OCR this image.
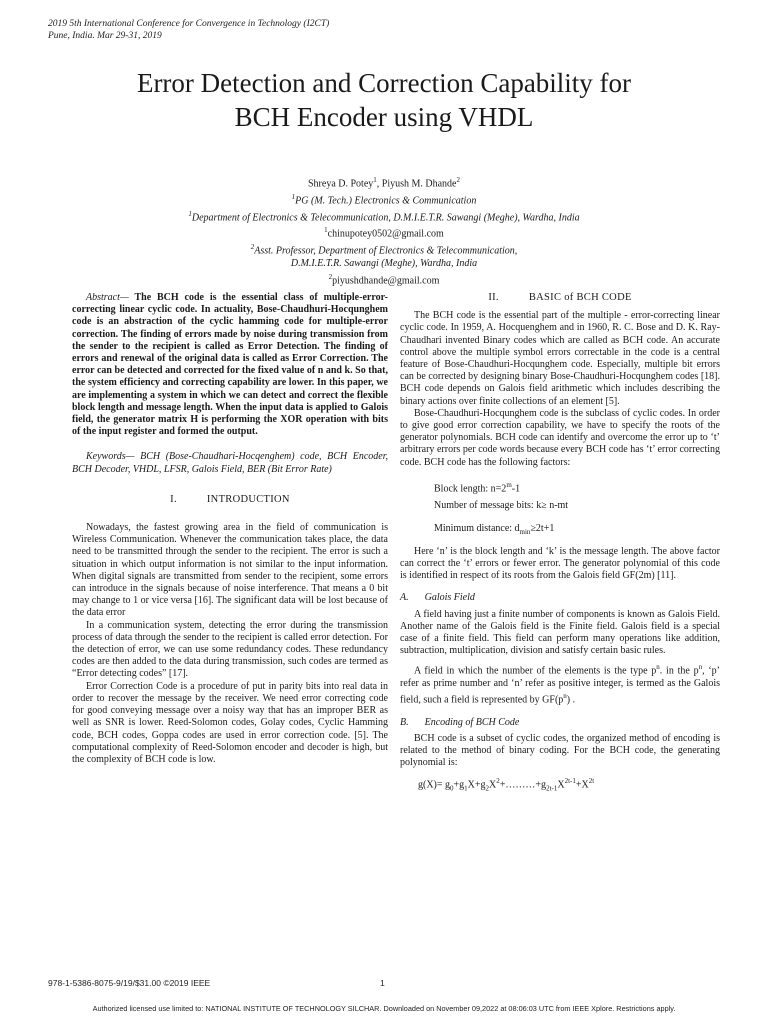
2019 5th International Conference for Convergence in Technology (I2CT)
Pune, India. Mar 29-31, 2019
Error Detection and Correction Capability for
BCH Encoder using VHDL
Shreya D. Potey$^1$, Piyush M. Dhande$^2$
$^1$PG (M. Tech.) Electronics & Communication
$^1$Department of Electronics & Telecommunication, D.M.I.E.T.R. Sawangi (Meghe), Wardha, India
$^1$chinupotey0502@gmail.com
$^2$Asst. Professor, Department of Electronics & Telecommunication,
D.M.I.E.T.R. Sawangi (Meghe), Wardha, India
$^2$piyushdhande@gmail.com

Abstract— The BCH code is the essential class of multiple-error-correcting linear cyclic code. In actuality, Bose-Chaudhuri-Hocqunghem code is an abstraction of the cyclic hamming code for multiple-error correction. The finding of errors made by noise during transmission from the sender to the recipient is called as Error Detection. The finding of errors and renewal of the original data is called as Error Correction. The error can be detected and corrected for the fixed value of n and k. So that, the system efficiency and correcting capability are lower. In this paper, we are implementing a system in which we can detect and correct the flexible block length and message length. When the input data is applied to Galois field, the generator matrix H is performing the XOR operation with bits of the input register and formed the output.

Keywords— BCH (Bose-Chaudhari-Hocqenghem) code, BCH Encoder, BCH Decoder, VHDL, LFSR, Galois Field, BER (Bit Error Rate)

I.	INTRODUCTION

Nowadays, the fastest growing area in the field of communication is Wireless Communication. Whenever the communication takes place, the data need to be transmitted through the sender to the recipient. The error is such a situation in which output information is not similar to the input information. When digital signals are transmitted from sender to the recipient, some errors can introduce in the signals because of noise interference. That means a 0 bit may change to 1 or vice versa [16]. The significant data will be lost because of the data error

In a communication system, detecting the error during the transmission process of data through the sender to the recipient is called error detection. For the detection of error, we can use some redundancy codes. These redundancy codes are then added to the data during transmission, such codes are termed as “Error detecting codes” [17].

Error Correction Code is a procedure of put in parity bits into real data in order to recover the message by the receiver. We need error correcting code for good conveying message over a noisy way that has an improper BER as well as SNR is lower. Reed-Solomon codes, Golay codes, Cyclic Hamming code, BCH codes, Goppa codes are used in error correction code. [5]. The computational complexity of Reed-Solomon encoder and decoder is high, but the complexity of BCH code is low.

II.	BASIC of BCH CODE

The BCH code is the essential part of the multiple - error-correcting linear cyclic code. In 1959, A. Hocquenghem and in 1960, R. C. Bose and D. K. Ray-Chaudhari invented Binary codes which are called as BCH code. An accurate control above the multiple symbol errors correctable in the code is a central feature of Bose-Chaudhuri-Hocqunghem code. Especially, multiple bit errors can be corrected by designing binary Bose-Chaudhuri-Hocqunghem codes [18]. BCH code depends on Galois field arithmetic which includes describing the binary actions over finite collections of an element [5].

Bose-Chaudhuri-Hocqunghem code is the subclass of cyclic codes. In order to give good error correction capability, we have to specify the roots of the generator polynomials. BCH code can identify and overcome the error up to ‘t’ arbitrary errors per code words because every BCH code has ‘t’ error correcting code. BCH code has the following factors:

Block length: $n=2^m-1$
Number of message bits: k≥ n-mt
Minimum distance: $d_{min}\ge 2t+1$

Here ‘n’ is the block length and ‘k’ is the message length. The above factor can correct the ‘t’ errors or fewer error. The generator polynomial of this code is identified in respect of its roots from the Galois field GF(2m) [11].

A. Galois Field

A field having just a finite number of components is known as Galois Field. Another name of the Galois field is the Finite field. Galois field is a special case of a finite field. This field can perform many operations like addition, subtraction, multiplication, division and satisfy certain basic rules.

A field in which the number of the elements is the type $p^n$. in the $p^n$, ‘p’ refer as prime number and ‘n’ refer as positive integer, is termed as the Galois field, such a field is represented by $GF(p^n)$ .

B. Encoding of BCH Code

BCH code is a subset of cyclic codes, the organized method of encoding is related to the method of binary coding. For the BCH code, the generating polynomial is:

$g(X)= g_0+g_1X+g_2X^2+\dots\dots\dots+g_{2t-1}X^{2t-1}+X^{2t}$
978-1-5386-8075-9/19/$31.00 ©2019 IEEE	1
Authorized licensed use limited to: NATIONAL INSTITUTE OF TECHNOLOGY SILCHAR. Downloaded on November 09,2022 at 08:06:03 UTC from IEEE Xplore. Restrictions apply.
